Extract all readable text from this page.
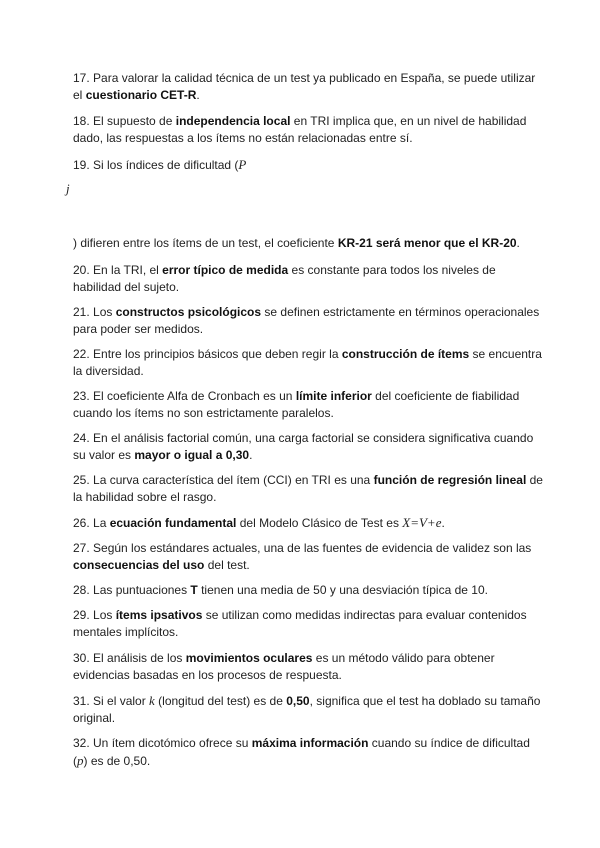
17. Para valorar la calidad técnica de un test ya publicado en España, se puede utilizar el cuestionario CET-R.

18. El supuesto de independencia local en TRI implica que, en un nivel de habilidad dado, las respuestas a los ítems no están relacionadas entre sí.

19. Si los índices de dificultad (P

j

) difieren entre los ítems de un test, el coeficiente KR-21 será menor que el KR-20.

20. En la TRI, el error típico de medida es constante para todos los niveles de habilidad del sujeto.

21. Los constructos psicológicos se definen estrictamente en términos operacionales para poder ser medidos.

22. Entre los principios básicos que deben regir la construcción de ítems se encuentra la diversidad.

23. El coeficiente Alfa de Cronbach es un límite inferior del coeficiente de fiabilidad cuando los ítems no son estrictamente paralelos.

24. En el análisis factorial común, una carga factorial se considera significativa cuando su valor es mayor o igual a 0,30.

25. La curva característica del ítem (CCI) en TRI es una función de regresión lineal de la habilidad sobre el rasgo.

26. La ecuación fundamental del Modelo Clásico de Test es X=V+e.

27. Según los estándares actuales, una de las fuentes de evidencia de validez son las consecuencias del uso del test.

28. Las puntuaciones T tienen una media de 50 y una desviación típica de 10.

29. Los ítems ipsativos se utilizan como medidas indirectas para evaluar contenidos mentales implícitos.

30. El análisis de los movimientos oculares es un método válido para obtener evidencias basadas en los procesos de respuesta.

31. Si el valor k (longitud del test) es de 0,50, significa que el test ha doblado su tamaño original.

32. Un ítem dicotómico ofrece su máxima información cuando su índice de dificultad (p) es de 0,50.
